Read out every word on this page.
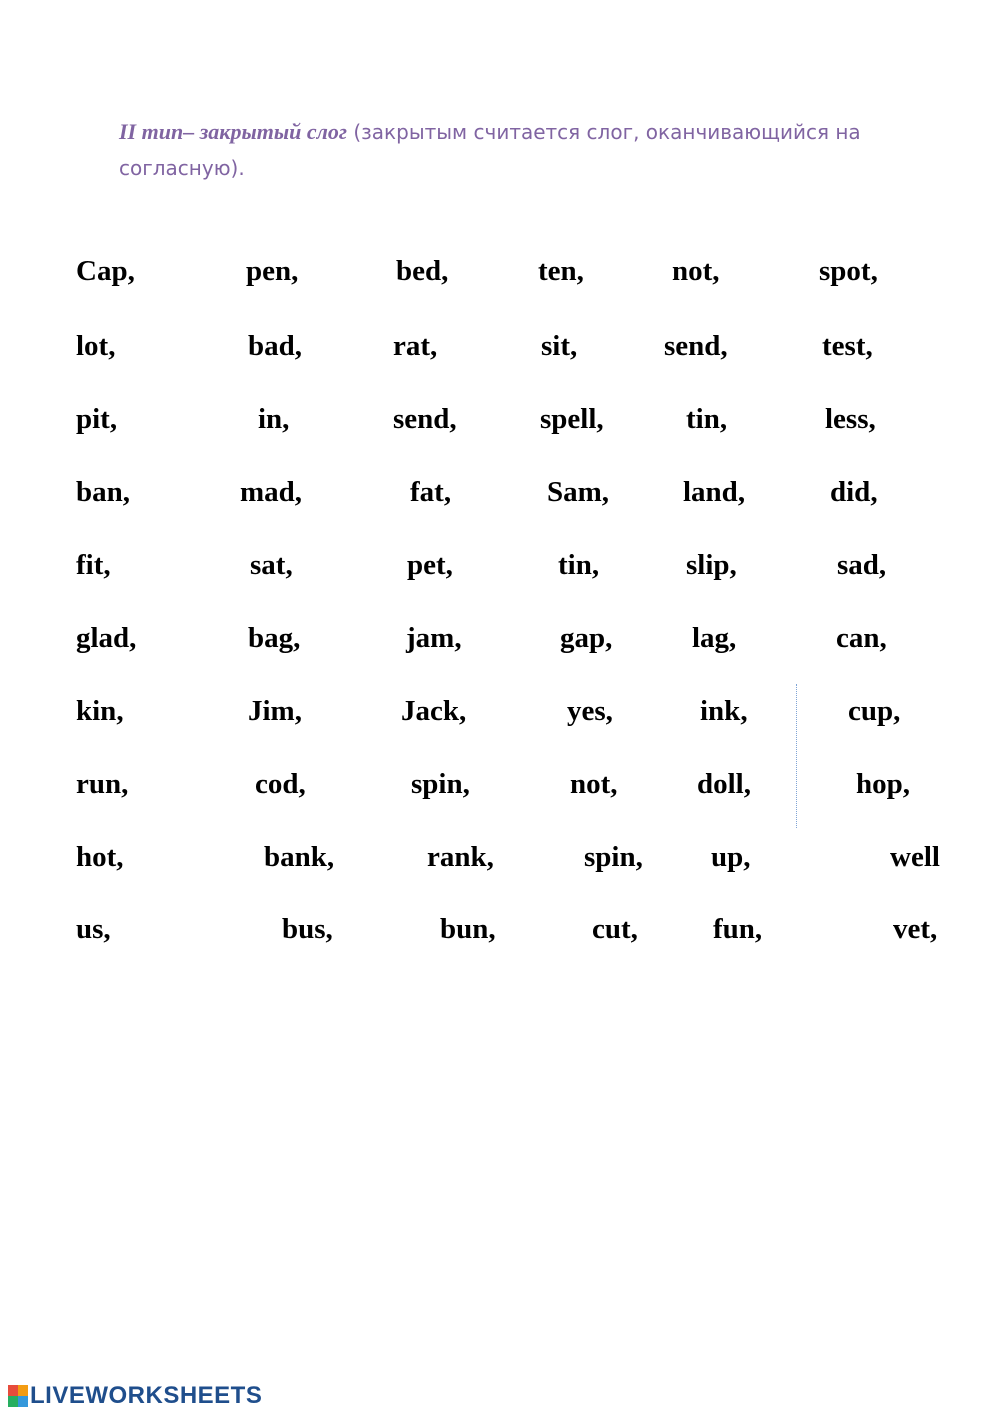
II тип– закрытый слог (закрытым считается слог, оканчивающийся на согласную).
Cap,	pen,	bed,	ten,	not,	spot,
lot,	bad,	rat,	sit,	send,	test,
pit,	in,	send,	spell,	tin,	less,
ban,	mad,	fat,	Sam,	land,	did,
fit,	sat,	pet,	tin,	slip,	sad,
glad,	bag,	jam,	gap,	lag,	can,
kin,	Jim,	Jack,	yes,	ink,	cup,
run,	cod,	spin,	not,	doll,	hop,
hot,	bank,	rank,	spin, up,	well
us,	bus,	bun,	cut,	fun,	vet,
LIVEWORKSHEETS
